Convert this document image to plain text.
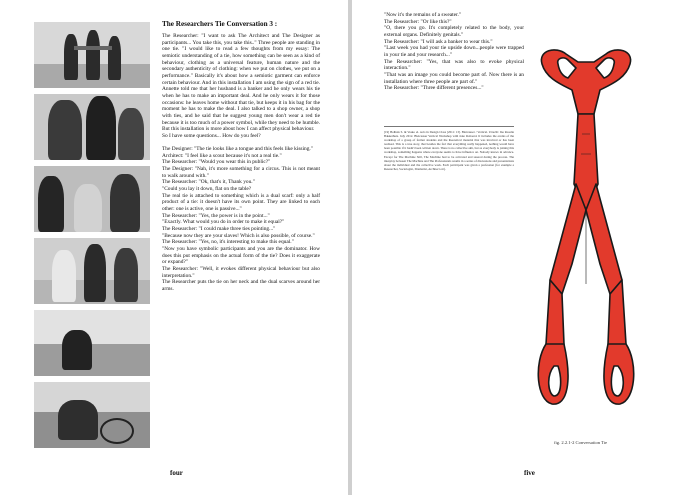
The Researchers Tie Conversation 3 :

The Researcher: "I want to ask The Architect and The Designer as participants... You take this, you take this.." Three people are standing in one tie. "I would like to read a few thoughts from my essay: The semiotic understanding of a tie, how something can be seen as a kind of behaviour, clothing as a universal feature, human nature and the secondary authenticity of clothing: when we put on clothes, we put on a performance." Basically it's about how a semiotic garment can enforce certain behaviour. And in this installation I am using the sign of a red tie. Annette told me that her husband is a banker and he only wears his tie when he has to make an important deal. And he only wears it for those occasions: he leaves home without that tie, but keeps it in his bag for the moment he has to make the deal. I also talked to a shop owner, a shop with ties, and he said that he suggest young men don't wear a red tie because it is too much of a power symbol, while they need to be humble. But this installation is more about how I can affect physical behaviour.

So I have some questions... How do you feel?

The Designer: "The tie looks like a tongue and this feels like kissing."

Architect: "I feel like a scout because it's not a real tie."

The Researcher: "Would you wear this in public?"

The Designer: "Nah, it's more something for a circus. This is not meant to walk around with."

The Researcher: "Ok, that's it, Thank you."

"Could you lay it down, flat on the table?

The real tie is attached to something which is a dual scarf: only a half product of a tie: it doesn't have its own point. They are linked to each other: one is active, one is passive..."

The Researcher: "Yes, the power is in the point..."

"Exactly. What would you do in order to make it equal?"

The Researcher: "I could make three ties pointing..."

"Because now they are your slaves! Which is also possible, of course."

The Researcher: "Yes, no, it's interesting to make this equal."

"Now you have symbolic participants and you are the dominator. How does this put emphasis on the actual form of the tie? Does it exaggerate or expand?"

The Researcher: "Well, it evokes different physical behaviour but also interpretation."

The Researcher puts the tie on her neck and the dual scarves around her arms.

four

"Now it's the remains of a sweater."

The Researcher: "Or like this?"

"O, there you go. It's completely related to the body, your external organs. Definitely genitals."

The Researcher: "I will ask a banker to wear this."

"Last week you had your tie upside down...people were trapped in your tie and your research..."

The Researcher: "Yes, that was also to evoke physical interaction."

"That was an image you could become part of. Now there is an installation where three people are part of."

The Researcher: "Three different presences..."

[19] Bolhuis S. & Vosko el. Acts in Design Class [2011: 13]. Bleicauser / Vertical. Utrecht: Ina Rosalie Bakkerhuis. July 2012. Bleicauser Vertical Workshop with Joke Robaard. It includes the events of the workshop of a group of former students and the theoretical material that was involved or has been realised. This is a true story, that besides the fact that everything really happened, nothing would have been possible if it hadn't been written down. There is no collective aim, but as everybody is joining this workshop, something happens where everyone seems to have influence on. Nobody knows in advance. Except for The Machine Still, The Machine had to be activated and steered during the process. The interplay between The Machine and The Professionals results in a series of discussions and presentations about the individual and the collective work. Each participant was given a profession (for example a Researcher, Sociologist, Dramatist, Architect etc).
fig. 2.2.1-2 Conversation Tie
five
